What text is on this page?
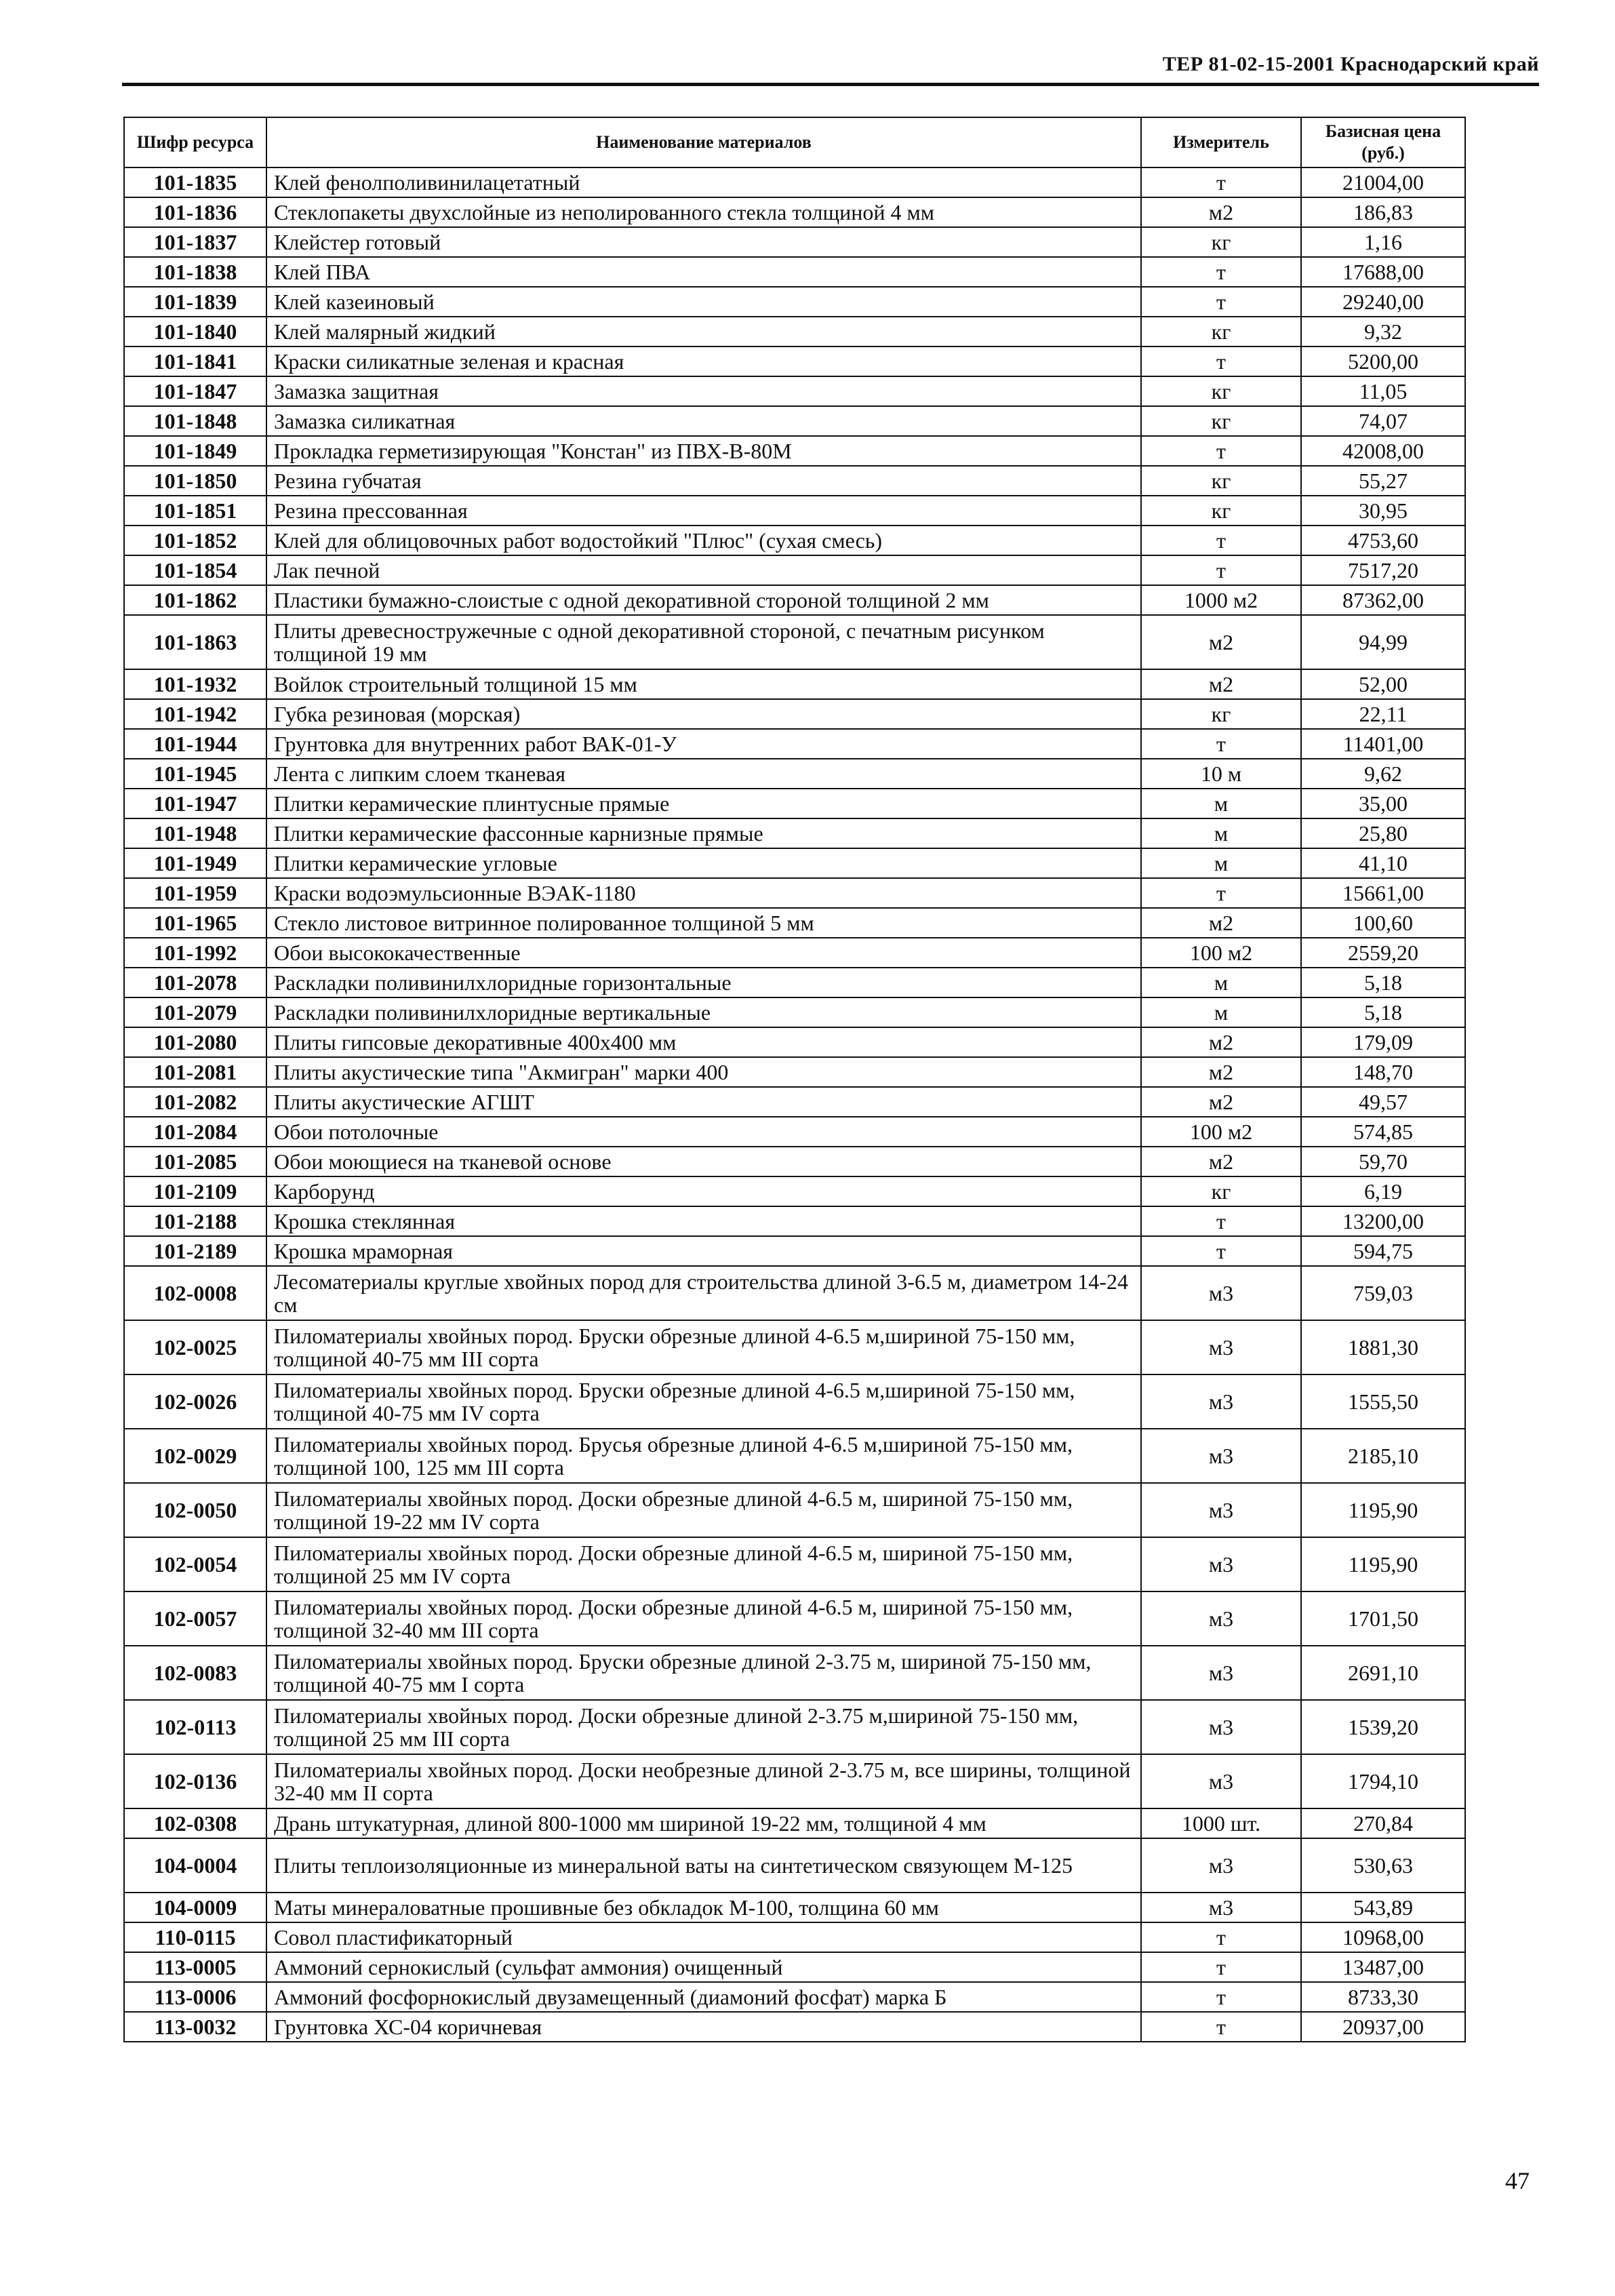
ТЕР 81-02-15-2001 Краснодарский край
Шифр ресурса	Наименование материалов	Измеритель	Базисная цена (руб.)
101-1835	Клей фенолполивинилацетатный	т	21004,00
101-1836	Стеклопакеты двухслойные из неполированного стекла толщиной 4 мм	м2	186,83
101-1837	Клейстер готовый	кг	1,16
101-1838	Клей ПВА	т	17688,00
101-1839	Клей казеиновый	т	29240,00
101-1840	Клей малярный жидкий	кг	9,32
101-1841	Краски силикатные зеленая и красная	т	5200,00
101-1847	Замазка защитная	кг	11,05
101-1848	Замазка силикатная	кг	74,07
101-1849	Прокладка герметизирующая "Констан" из ПВХ-В-80М	т	42008,00
101-1850	Резина губчатая	кг	55,27
101-1851	Резина прессованная	кг	30,95
101-1852	Клей для облицовочных работ водостойкий "Плюс" (сухая смесь)	т	4753,60
101-1854	Лак печной	т	7517,20
101-1862	Пластики бумажно-слоистые с одной декоративной стороной толщиной 2 мм	1000 м2	87362,00
101-1863	Плиты древесностружечные с одной декоративной стороной, с печатным рисунком толщиной 19 мм	м2	94,99
101-1932	Войлок строительный толщиной 15 мм	м2	52,00
101-1942	Губка резиновая (морская)	кг	22,11
101-1944	Грунтовка для внутренних работ ВАК-01-У	т	11401,00
101-1945	Лента с липким слоем тканевая	10 м	9,62
101-1947	Плитки керамические плинтусные прямые	м	35,00
101-1948	Плитки керамические фассонные карнизные прямые	м	25,80
101-1949	Плитки керамические угловые	м	41,10
101-1959	Краски водоэмульсионные ВЭАК-1180	т	15661,00
101-1965	Стекло листовое витринное полированное толщиной 5 мм	м2	100,60
101-1992	Обои высококачественные	100 м2	2559,20
101-2078	Раскладки поливинилхлоридные горизонтальные	м	5,18
101-2079	Раскладки поливинилхлоридные вертикальные	м	5,18
101-2080	Плиты гипсовые декоративные 400х400 мм	м2	179,09
101-2081	Плиты акустические типа "Акмигран" марки 400	м2	148,70
101-2082	Плиты акустические АГШТ	м2	49,57
101-2084	Обои потолочные	100 м2	574,85
101-2085	Обои моющиеся на тканевой основе	м2	59,70
101-2109	Карборунд	кг	6,19
101-2188	Крошка стеклянная	т	13200,00
101-2189	Крошка мраморная	т	594,75
102-0008	Лесоматериалы круглые хвойных пород для строительства длиной 3-6.5 м, диаметром 14-24 см	м3	759,03
102-0025	Пиломатериалы хвойных пород. Бруски обрезные длиной 4-6.5 м,шириной 75-150 мм, толщиной 40-75 мм III сорта	м3	1881,30
102-0026	Пиломатериалы хвойных пород. Бруски обрезные длиной 4-6.5 м,шириной 75-150 мм, толщиной 40-75 мм IV сорта	м3	1555,50
102-0029	Пиломатериалы хвойных пород. Брусья обрезные длиной 4-6.5 м,шириной 75-150 мм, толщиной 100, 125 мм III сорта	м3	2185,10
102-0050	Пиломатериалы хвойных пород. Доски обрезные длиной 4-6.5 м, шириной 75-150 мм, толщиной 19-22 мм IV сорта	м3	1195,90
102-0054	Пиломатериалы хвойных пород. Доски обрезные длиной 4-6.5 м, шириной 75-150 мм, толщиной 25 мм IV сорта	м3	1195,90
102-0057	Пиломатериалы хвойных пород. Доски обрезные длиной 4-6.5 м, шириной 75-150 мм, толщиной 32-40 мм III сорта	м3	1701,50
102-0083	Пиломатериалы хвойных пород. Бруски обрезные длиной 2-3.75 м, шириной 75-150 мм, толщиной 40-75 мм I сорта	м3	2691,10
102-0113	Пиломатериалы хвойных пород. Доски обрезные длиной 2-3.75 м,шириной 75-150 мм, толщиной 25 мм III сорта	м3	1539,20
102-0136	Пиломатериалы хвойных пород. Доски необрезные длиной 2-3.75 м, все ширины, толщиной 32-40 мм II сорта	м3	1794,10
102-0308	Дрань штукатурная, длиной 800-1000 мм шириной 19-22 мм, толщиной 4 мм	1000 шт.	270,84
104-0004	Плиты теплоизоляционные из минеральной ваты на синтетическом связующем М-125	м3	530,63
104-0009	Маты минераловатные прошивные без обкладок М-100, толщина 60 мм	м3	543,89
110-0115	Совол пластификаторный	т	10968,00
113-0005	Аммоний сернокислый (сульфат аммония) очищенный	т	13487,00
113-0006	Аммоний фосфорнокислый двузамещенный (диамоний фосфат) марка Б	т	8733,30
113-0032	Грунтовка ХС-04 коричневая	т	20937,00
47
